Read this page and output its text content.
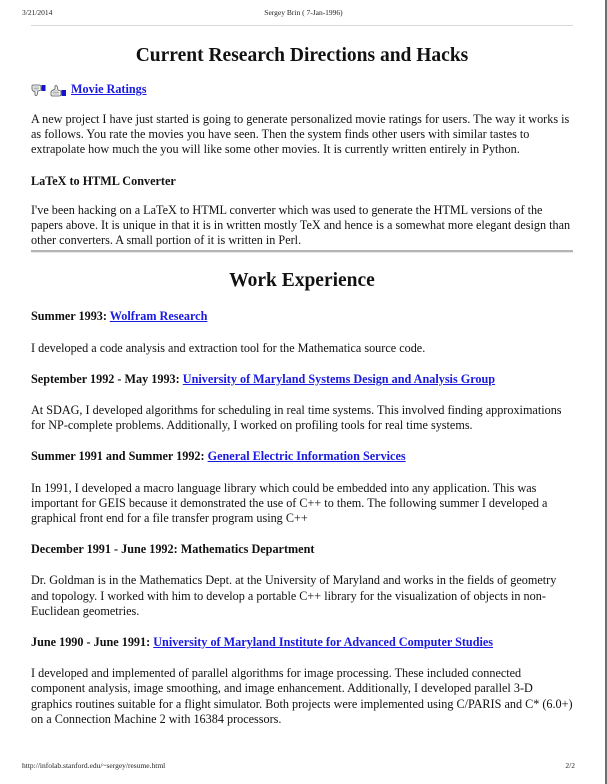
3/21/2014	Sergey Brin ( 7-Jan-1996)
Current Research Directions and Hacks
Movie Ratings

A new project I have just started is going to generate personalized movie ratings for users. The way it works is as follows. You rate the movies you have seen. Then the system finds other users with similar tastes to extrapolate how much the you will like some other movies. It is currently written entirely in Python.

LaTeX to HTML Converter

I've been hacking on a LaTeX to HTML converter which was used to generate the HTML versions of the papers above. It is unique in that it is in written mostly TeX and hence is a somewhat more elegant design than other converters. A small portion of it is written in Perl.

Work Experience

Summer 1993: Wolfram Research

I developed a code analysis and extraction tool for the Mathematica source code.

September 1992 - May 1993: University of Maryland Systems Design and Analysis Group

At SDAG, I developed algorithms for scheduling in real time systems. This involved finding approximations for NP-complete problems. Additionally, I worked on profiling tools for real time systems.

Summer 1991 and Summer 1992: General Electric Information Services

In 1991, I developed a macro language library which could be embedded into any application. This was important for GEIS because it demonstrated the use of C++ to them. The following summer I developed a graphical front end for a file transfer program using C++

December 1991 - June 1992: Mathematics Department

Dr. Goldman is in the Mathematics Dept. at the University of Maryland and works in the fields of geometry and topology. I worked with him to develop a portable C++ library for the visualization of objects in non-Euclidean geometries.

June 1990 - June 1991: University of Maryland Institute for Advanced Computer Studies

I developed and implemented of parallel algorithms for image processing. These included connected component analysis, image smoothing, and image enhancement. Additionally, I developed parallel 3-D graphics routines suitable for a flight simulator. Both projects were implemented using C/PARIS and C* (6.0+) on a Connection Machine 2 with 16384 processors.

http://infolab.stanford.edu/~sergey/resume.html	2/2
